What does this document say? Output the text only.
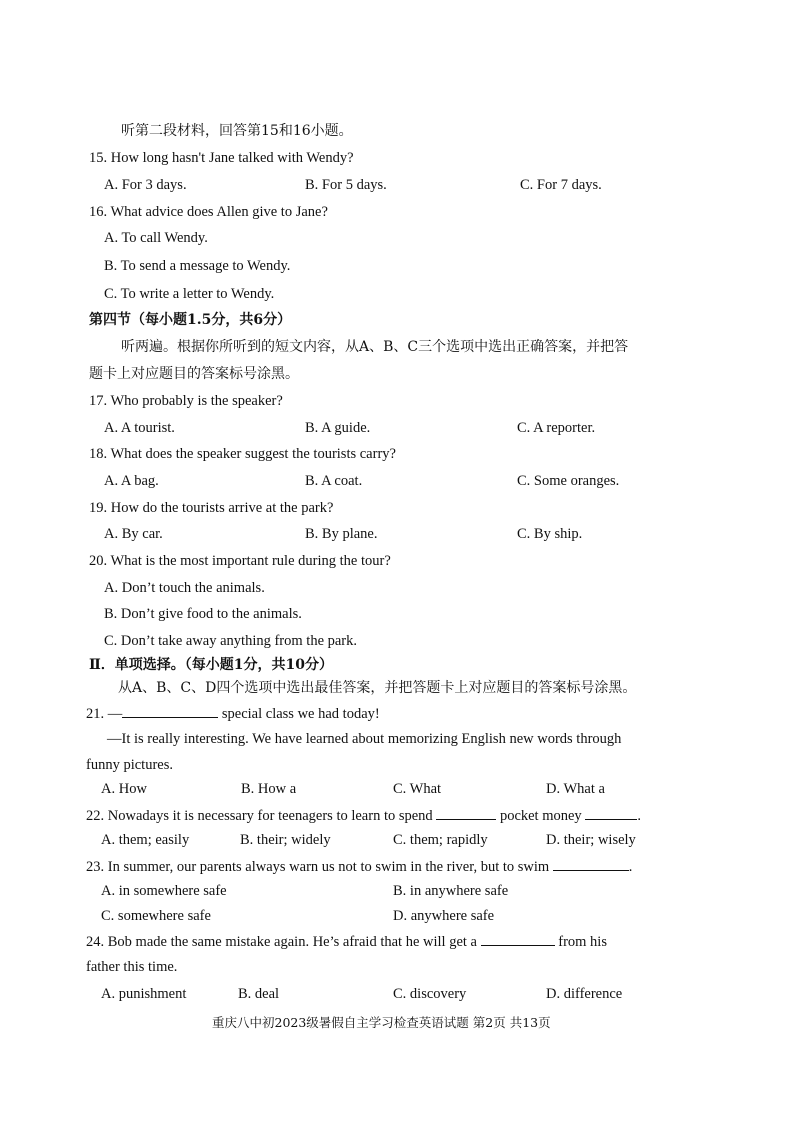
听第二段材料，回答第15和16小题。
15. How long hasn't Jane talked with Wendy?
A. For 3 days.	B. For 5 days.	C. For 7 days.
16. What advice does Allen give to Jane?
A. To call Wendy.
B. To send a message to Wendy.
C. To write a letter to Wendy.
第四节（每小题1.5分，共6分）
听两遍。根据你所听到的短文内容，从A、B、C三个选项中选出正确答案，并把答
题卡上对应题目的答案标号涂黑。
17. Who probably is the speaker?
A. A tourist.	B. A guide.	C. A reporter.
18. What does the speaker suggest the tourists carry?
A. A bag.	B. A coat.	C. Some oranges.
19. How do the tourists arrive at the park?
A. By car.	B. By plane.	C. By ship.
20. What is the most important rule during the tour?
A. Don’t touch the animals.
B. Don’t give food to the animals.
C. Don’t take away anything from the park.
Ⅱ．单项选择。（每小题1分，共10分）
从A、B、C、D四个选项中选出最佳答案，并把答题卡上对应题目的答案标号涂黑。
21. —	special class we had today!
—It is really interesting. We have learned about memorizing English new words through
funny pictures.
A. How	B. How a	C. What	D. What a
22. Nowadays it is necessary for teenagers to learn to spend	pocket money	.
A. them; easily	B. their; widely	C. them; rapidly	D. their; wisely
23. In summer, our parents always warn us not to swim in the river, but to swim	.
A. in somewhere safe	B. in anywhere safe
C. somewhere safe	D. anywhere safe
24. Bob made the same mistake again. He’s afraid that he will get a	from his
father this time.
A. punishment	B. deal	C. discovery	D. difference
重庆八中初2023级暑假自主学习检查英语试题 第2页 共13页
